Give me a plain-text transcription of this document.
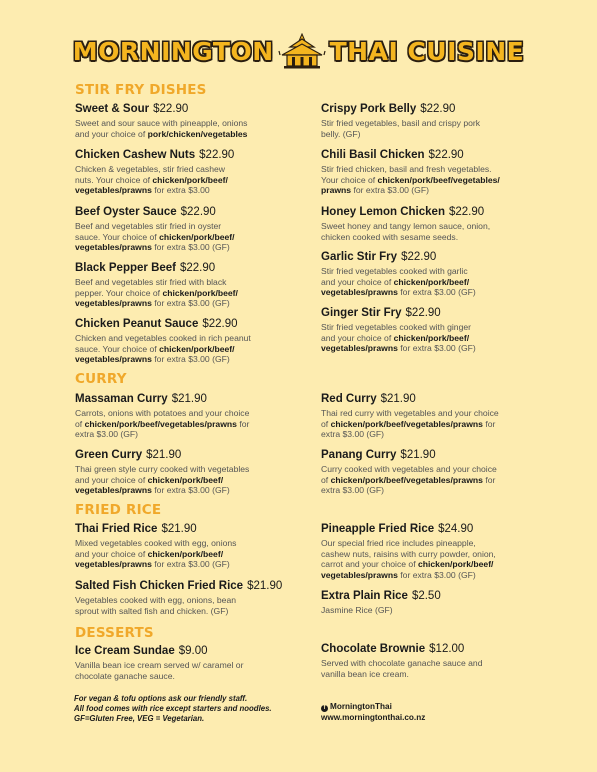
MORNINGTON THAI CUISINE
STIR FRY DISHES
Sweet & Sour $22.90
Sweet and sour sauce with pineapple, onions
and your choice of pork/chicken/vegetables
Chicken Cashew Nuts $22.90
Chicken & vegetables, stir fried cashew
nuts. Your choice of chicken/pork/beef/
vegetables/prawns for extra $3.00
Beef Oyster Sauce $22.90
Beef and vegetables stir fried in oyster
sauce. Your choice of chicken/pork/beef/
vegetables/prawns for extra $3.00 (GF)
Black Pepper Beef $22.90
Beef and vegetables stir fried with black
pepper. Your choice of chicken/pork/beef/
vegetables/prawns for extra $3.00 (GF)
Chicken Peanut Sauce $22.90
Chicken and vegetables cooked in rich peanut
sauce. Your choice of chicken/pork/beef/
vegetables/prawns for extra $3.00 (GF)
Crispy Pork Belly $22.90
Stir fried vegetables, basil and crispy pork
belly. (GF)
Chili Basil Chicken $22.90
Stir fried chicken, basil and fresh vegetables.
Your choice of chicken/pork/beef/vegetables/
prawns for extra $3.00 (GF)
Honey Lemon Chicken $22.90
Sweet honey and tangy lemon sauce, onion,
chicken cooked with sesame seeds.
Garlic Stir Fry $22.90
Stir fried vegetables cooked with garlic
and your choice of chicken/pork/beef/
vegetables/prawns for extra $3.00 (GF)
Ginger Stir Fry $22.90
Stir fried vegetables cooked with ginger
and your choice of chicken/pork/beef/
vegetables/prawns for extra $3.00 (GF)
CURRY
Massaman Curry $21.90
Carrots, onions with potatoes and your choice
of chicken/pork/beef/vegetables/prawns for
extra $3.00 (GF)
Green Curry $21.90
Thai green style curry cooked with vegetables
and your choice of chicken/pork/beef/
vegetables/prawns for extra $3.00 (GF)
Red Curry $21.90
Thai red curry with vegetables and your choice
of chicken/pork/beef/vegetables/prawns for
extra $3.00 (GF)
Panang Curry $21.90
Curry cooked with vegetables and your choice
of chicken/pork/beef/vegetables/prawns for
extra $3.00 (GF)
FRIED RICE
Thai Fried Rice $21.90
Mixed vegetables cooked with egg, onions
and your choice of chicken/pork/beef/
vegetables/prawns for extra $3.00 (GF)
Salted Fish Chicken Fried Rice $21.90
Vegetables cooked with egg, onions, bean
sprout with salted fish and chicken. (GF)
Pineapple Fried Rice $24.90
Our special fried rice includes pineapple,
cashew nuts, raisins with curry powder, onion,
carrot and your choice of chicken/pork/beef/
vegetables/prawns for extra $3.00 (GF)
Extra Plain Rice $2.50
Jasmine Rice (GF)
DESSERTS
Ice Cream Sundae $9.00
Vanilla bean ice cream served w/ caramel or
chocolate ganache sauce.
Chocolate Brownie $12.00
Served with chocolate ganache sauce and
vanilla bean ice cream.
For vegan & tofu options ask our friendly staff.
All food comes with rice except starters and noodles.
GF=Gluten Free, VEG = Vegetarian.
f MorningtonThai
www.morningtonthai.co.nz
